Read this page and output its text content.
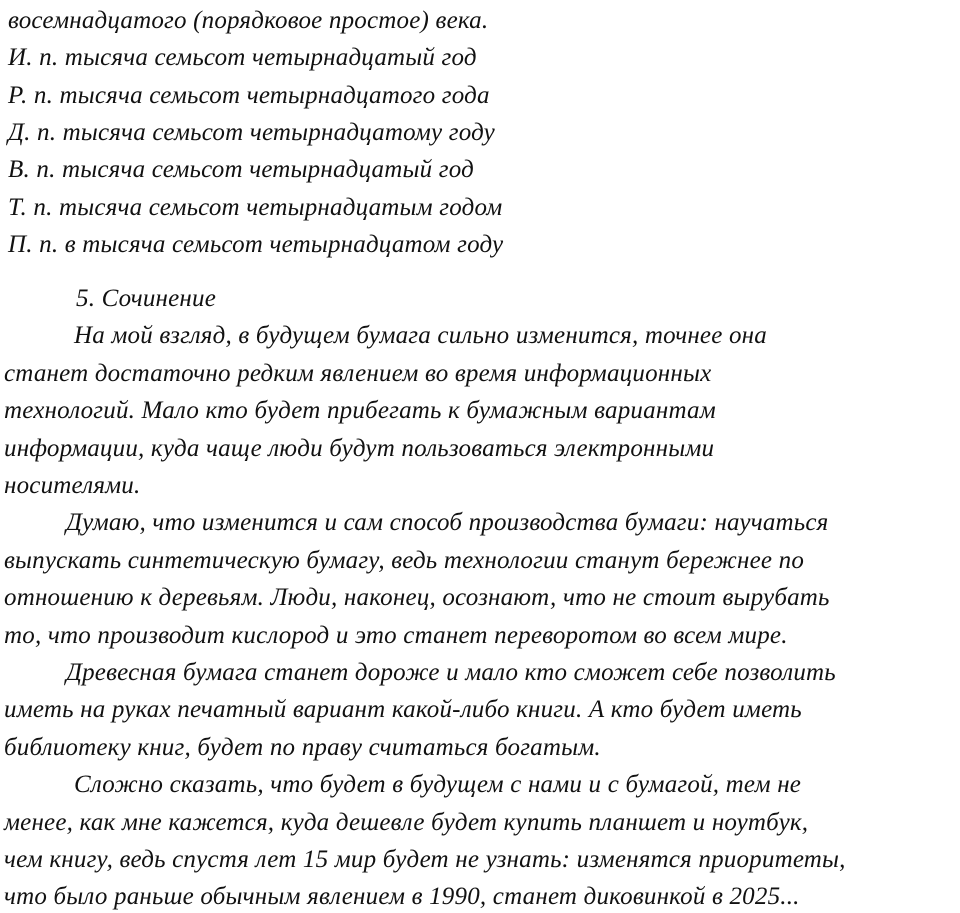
восемнадцатого (порядковое простое) века.
И. п. тысяча семьсот четырнадцатый год
Р. п. тысяча семьсот четырнадцатого года
Д. п. тысяча семьсот четырнадцатому году
В. п. тысяча семьсот четырнадцатый год
Т. п. тысяча семьсот четырнадцатым годом
П. п. в тысяча семьсот четырнадцатом году
5. Сочинение
На мой взгляд, в будущем бумага сильно изменится, точнее она
станет достаточно редким явлением во время информационных
технологий. Мало кто будет прибегать к бумажным вариантам
информации, куда чаще люди будут пользоваться электронными
носителями.
Думаю, что изменится и сам способ производства бумаги: научаться
выпускать синтетическую бумагу, ведь технологии станут бережнее по
отношению к деревьям. Люди, наконец, осознают, что не стоит вырубать
то, что производит кислород и это станет переворотом во всем мире.
Древесная бумага станет дороже и мало кто сможет себе позволить
иметь на руках печатный вариант какой-либо книги. А кто будет иметь
библиотеку книг, будет по праву считаться богатым.
Сложно сказать, что будет в будущем с нами и с бумагой, тем не
менее, как мне кажется, куда дешевле будет купить планшет и ноутбук,
чем книгу, ведь спустя лет 15 мир будет не узнать: изменятся приоритеты,
что было раньше обычным явлением в 1990, станет диковинкой в 2025...
